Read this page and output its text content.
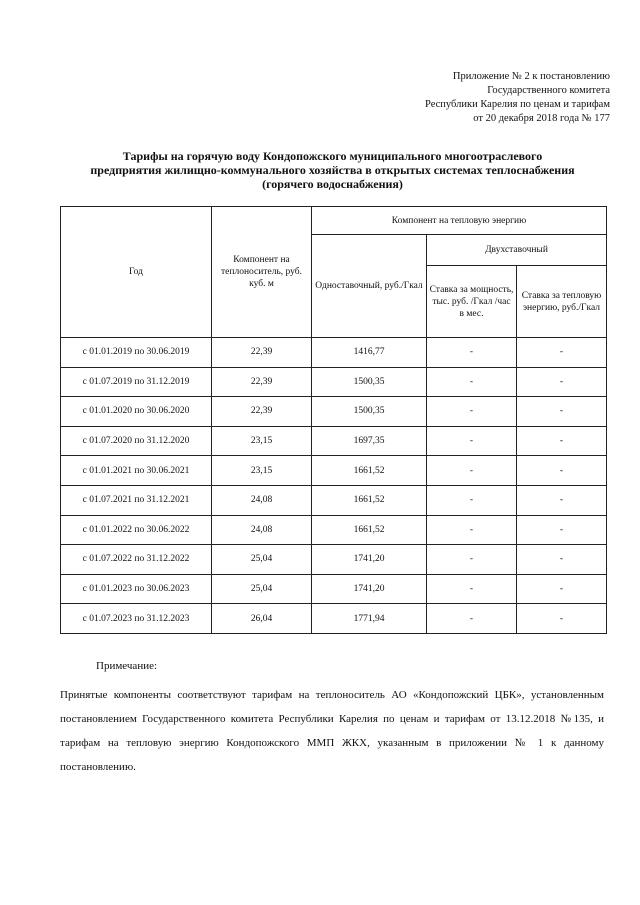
Приложение № 2 к постановлению
Государственного комитета
Республики Карелия по ценам и тарифам
от 20 декабря 2018 года № 177
Тарифы на горячую воду Кондопожского муниципального многоотраслевого
предприятия жилищно-коммунального хозяйства в открытых системах теплоснабжения
(горячего водоснабжения)
Год	Компонент на теплоноситель, руб. куб. м	Компонент на тепловую энергию		
		Одноставочный, руб./Гкал	Двухставочный	
			Ставка за мощность, тыс. руб. /Гкал /час в мес.	Ставка за тепловую энергию, руб./Гкал
с 01.01.2019 по 30.06.2019	22,39	1416,77	-	-
с 01.07.2019 по 31.12.2019	22,39	1500,35	-	-
с 01.01.2020 по 30.06.2020	22,39	1500,35	-	-
с 01.07.2020 по 31.12.2020	23,15	1697,35	-	-
с 01.01.2021 по 30.06.2021	23,15	1661,52	-	-
с 01.07.2021 по 31.12.2021	24,08	1661,52	-	-
с 01.01.2022 по 30.06.2022	24,08	1661,52	-	-
с 01.07.2022 по 31.12.2022	25,04	1741,20	-	-
с 01.01.2023 по 30.06.2023	25,04	1741,20	-	-
с 01.07.2023 по 31.12.2023	26,04	1771,94	-	-
Примечание:
Принятые компоненты соответствуют тарифам на теплоноситель АО «Кондопожский ЦБК», установленным постановлением Государственного комитета Республики Карелия по ценам и тарифам от 13.12.2018 №135, и тарифам на тепловую энергию Кондопожского ММП ЖКХ, указанным в приложении № 1 к данному постановлению.
